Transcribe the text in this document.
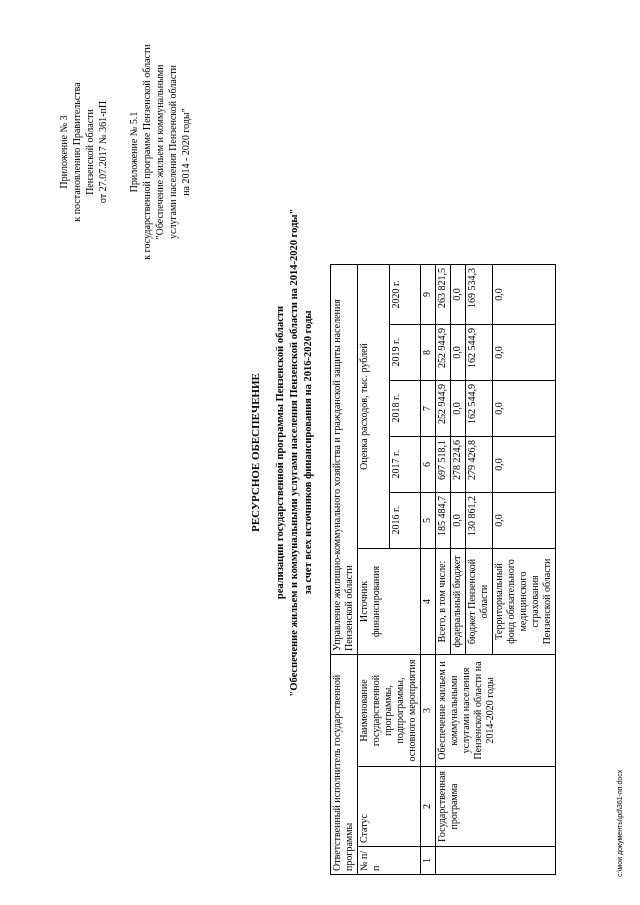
Приложение № 3 к постановлению Правительства Пензенской области от 27.07.2017 № 361-пП Приложение № 5.1 к государственной программе Пензенской области "Обеспечение жильем и коммунальными услугами населения Пензенской области на 2014 - 2020 годы"
РЕСУРСНОЕ ОБЕСПЕЧЕНИЕ реализации государственной программы Пензенской области "Обеспечение жильем и коммунальными услугами населения Пензенской области на 2014-2020 годы" за счет всех источников финансирования на 2016-2020 годы
Ответственный исполнитель государственной программы			Управление жилищно-коммунального хозяйства и гражданской защиты населения Пензенской области						
№ п/п	Статус	Наименование государственной программы, подпрограммы, основного мероприятия	Источник финансирования	Оценка расходов, тыс. рублей					
				2016 г.	2017 г.	2018 г.	2019 г.	2020 г.	
1	2	3	4	5	6	7	8	9	
	Государственная программа	Обеспечение жильем и коммунальными услугами населения Пензенской области на 2014-2020 годы	Всего, в том числе:	185 484,7	697 518,1	252 944,9	252 944,9	263 821,5	
			федеральный бюджет	0,0	278 224,6	0,0	0,0	0,0	
			бюджет Пензенской области	130 861,2	279 426,8	162 544,9	162 544,9	169 534,3	
			Территориальный фонд обязательного медицинского страхования Пензенской области	0,0	0,0	0,0	0,0	0,0	
c:\мои документы\pd\361-пп.docx
